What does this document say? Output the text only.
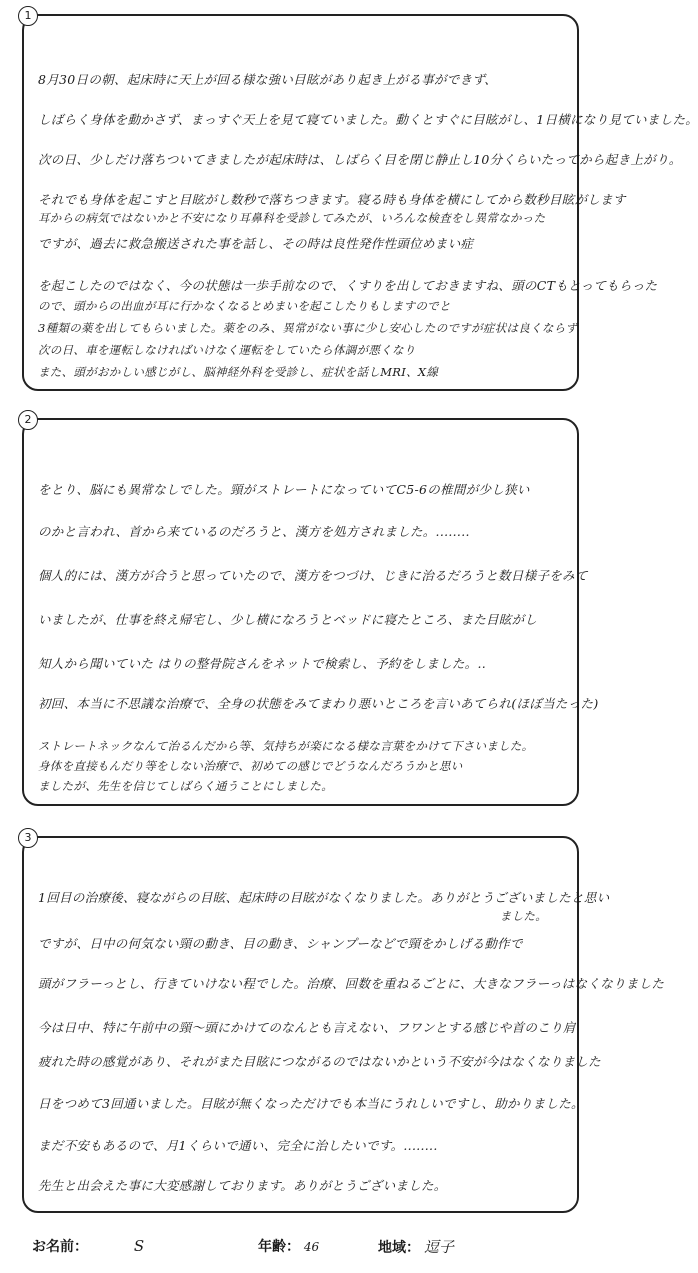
1
8月30日の朝、起床時に天上が回る様な強い目眩があり起き上がる事ができず、
しばらく身体を動かさず、まっすぐ天上を見て寝ていました。動くとすぐに目眩がし、1日横になり見ていました。
次の日、少しだけ落ちついてきましたが起床時は、しばらく目を閉じ静止し10分くらいたってから起き上がり。
それでも身体を起こすと目眩がし数秒で落ちつきます。寝る時も身体を横にしてから数秒目眩がします
耳からの病気ではないかと不安になり耳鼻科を受診してみたが、いろんな検査をし異常なかった
ですが、過去に救急搬送された事を話し、その時は良性発作性頭位めまい症
を起こしたのではなく、今の状態は一歩手前なので、くすりを出しておきますね、頭のCTもとってもらった
ので、頭からの出血が耳に行かなくなるとめまいを起こしたりもしますのでと
3種類の薬を出してもらいました。薬をのみ、異常がない事に少し安心したのですが症状は良くならず
次の日、車を運転しなければいけなく運転をしていたら体調が悪くなり
また、頭がおかしい感じがし、脳神経外科を受診し、症状を話しMRI、X線
2
をとり、脳にも異常なしでした。頸がストレートになっていてC5-6の椎間が少し狭い
のかと言われ、首から来ているのだろうと、漢方を処方されました。........
個人的には、漢方が合うと思っていたので、漢方をつづけ、じきに治るだろうと数日様子をみて
いましたが、仕事を終え帰宅し、少し横になろうとベッドに寝たところ、また目眩がし
知人から聞いていた はりの整骨院さんをネットで検索し、予約をしました。..
初回、本当に不思議な治療で、全身の状態をみてまわり悪いところを言いあてられ(ほぼ当たった)
ストレートネックなんて治るんだから等、気持ちが楽になる様な言葉をかけて下さいました。
身体を直接もんだり等をしない治療で、初めての感じでどうなんだろうかと思い
ましたが、先生を信じてしばらく通うことにしました。
3
1回目の治療後、寝ながらの目眩、起床時の目眩がなくなりました。ありがとうございましたと思い
ました。
ですが、日中の何気ない頸の動き、目の動き、シャンプーなどで頸をかしげる動作で
頭がフラーっとし、行きていけない程でした。治療、回数を重ねるごとに、大きなフラーっはなくなりました
今は日中、特に午前中の頸〜頭にかけてのなんとも言えない、フワンとする感じや首のこり肩
疲れた時の感覚があり、それがまた目眩につながるのではないかという不安が今はなくなりました
日をつめて3回通いました。目眩が無くなっただけでも本当にうれしいですし、助かりました。
まだ不安もあるので、月1くらいで通い、完全に治したいです。........
先生と出会えた事に大変感謝しております。ありがとうございました。
お名前：	S	年齢： 46	地域： 逗子
